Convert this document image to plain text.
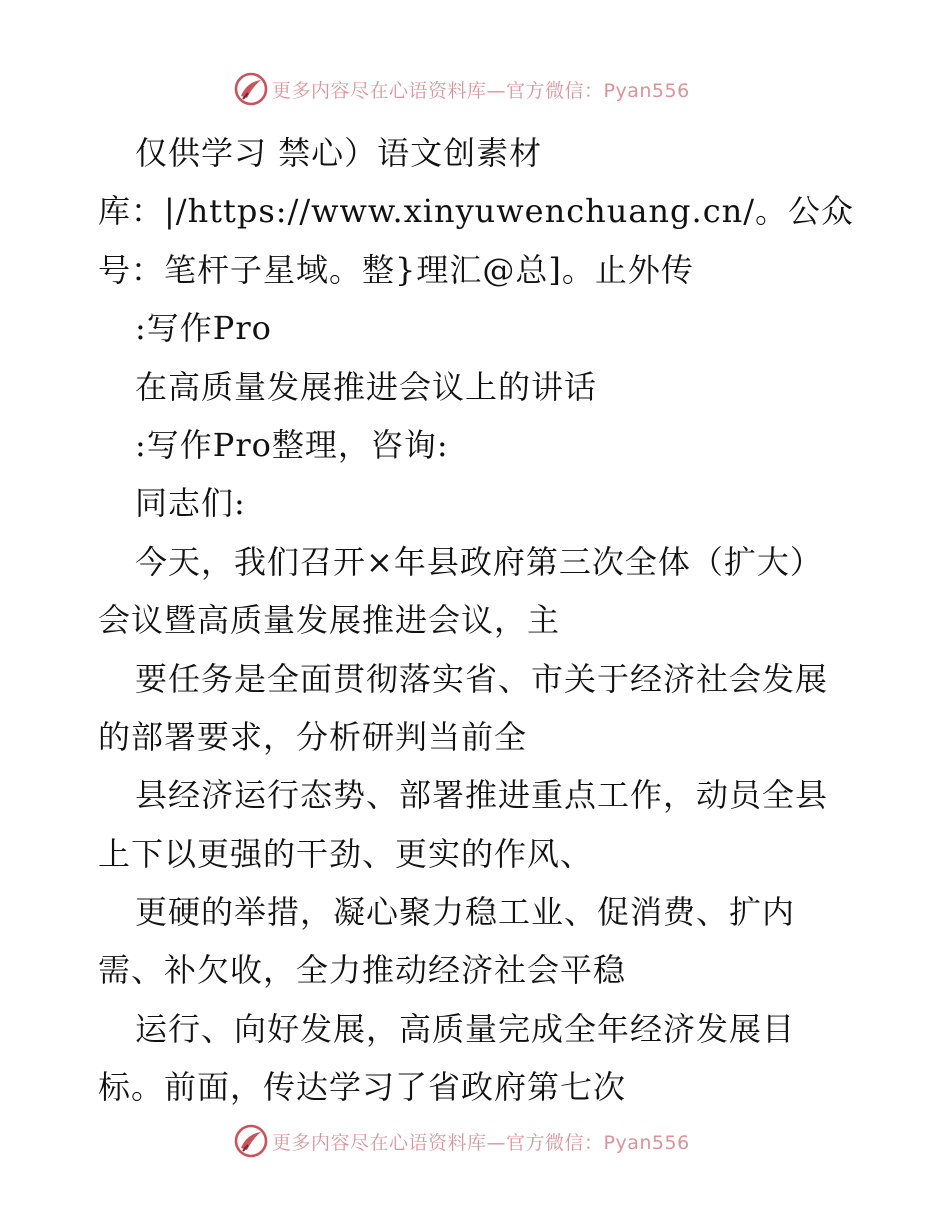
更多内容尽在心语资料库—官方微信：Pyan556
仅供学习 禁心）语文创素材
库：|/https://www.xinyuwenchuang.cn/。公众
号：笔杆子星域。整}理汇@总]。止外传
:写作Pro
在高质量发展推进会议上的讲话
:写作Pro整理，咨询:
同志们:
今天，我们召开×年县政府第三次全体（扩大）
会议暨高质量发展推进会议，主
要任务是全面贯彻落实省、市关于经济社会发展
的部署要求，分析研判当前全
县经济运行态势、部署推进重点工作，动员全县
上下以更强的干劲、更实的作风、
更硬的举措，凝心聚力稳工业、促消费、扩内
需、补欠收，全力推动经济社会平稳
运行、向好发展，高质量完成全年经济发展目
标。前面，传达学习了省政府第七次
更多内容尽在心语资料库—官方微信：Pyan556
